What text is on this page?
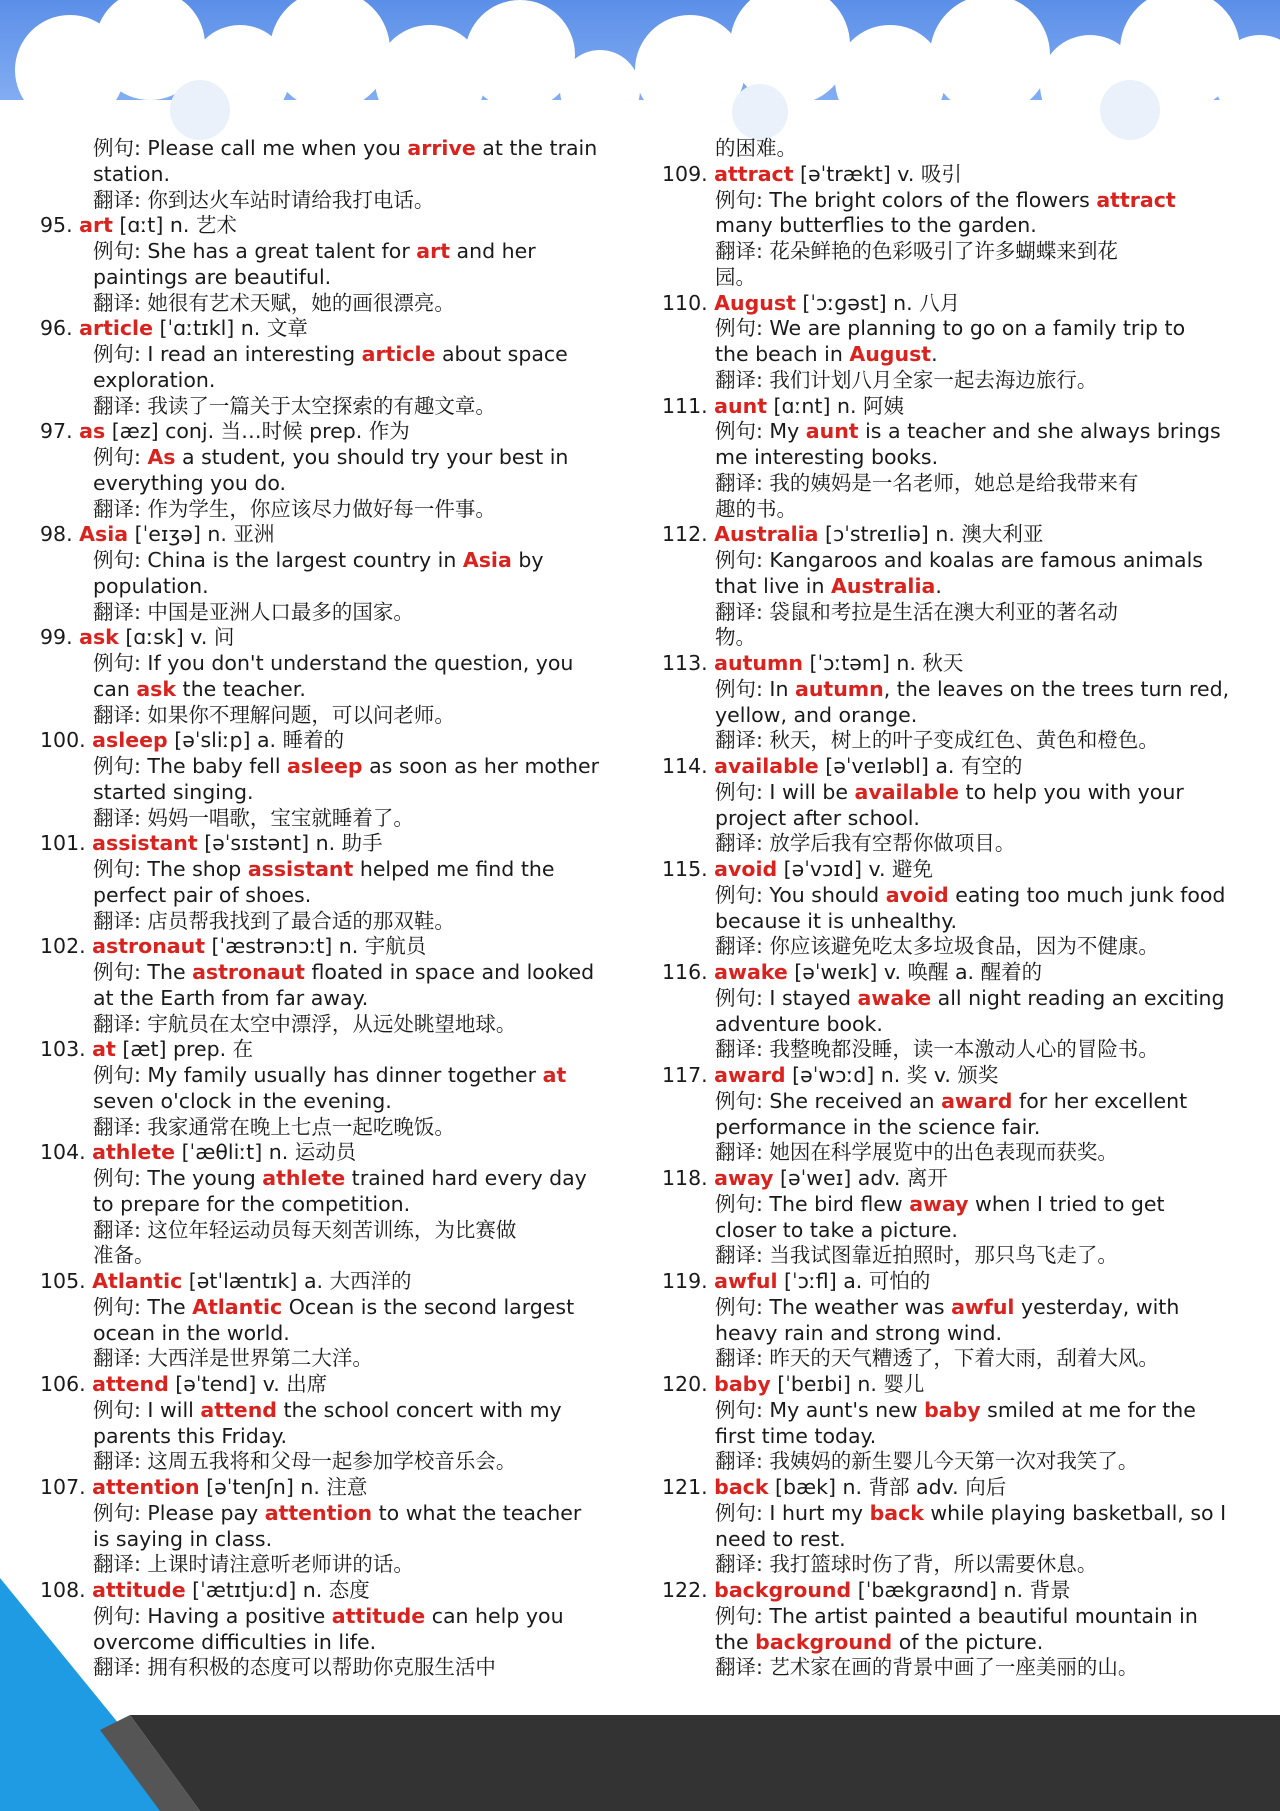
例句: Please call me when you arrive at the train
station.
翻译: 你到达火车站时请给我打电话。
95. art [ɑːt] n. 艺术
例句: She has a great talent for art and her
paintings are beautiful.
翻译: 她很有艺术天赋，她的画很漂亮。
96. article [ˈɑːtɪkl] n. 文章
例句: I read an interesting article about space
exploration.
翻译: 我读了一篇关于太空探索的有趣文章。
97. as [æz] conj. 当…时候 prep. 作为
例句: As a student, you should try your best in
everything you do.
翻译: 作为学生，你应该尽力做好每一件事。
98. Asia [ˈeɪʒə] n. 亚洲
例句: China is the largest country in Asia by
population.
翻译: 中国是亚洲人口最多的国家。
99. ask [ɑːsk] v. 问
例句: If you don't understand the question, you
can ask the teacher.
翻译: 如果你不理解问题，可以问老师。
100. asleep [əˈsliːp] a. 睡着的
例句: The baby fell asleep as soon as her mother
started singing.
翻译: 妈妈一唱歌，宝宝就睡着了。
101. assistant [əˈsɪstənt] n. 助手
例句: The shop assistant helped me find the
perfect pair of shoes.
翻译: 店员帮我找到了最合适的那双鞋。
102. astronaut [ˈæstrənɔːt] n. 宇航员
例句: The astronaut floated in space and looked
at the Earth from far away.
翻译: 宇航员在太空中漂浮，从远处眺望地球。
103. at [æt] prep. 在
例句: My family usually has dinner together at
seven o'clock in the evening.
翻译: 我家通常在晚上七点一起吃晚饭。
104. athlete [ˈæθliːt] n. 运动员
例句: The young athlete trained hard every day
to prepare for the competition.
翻译: 这位年轻运动员每天刻苦训练，为比赛做
准备。
105. Atlantic [ətˈlæntɪk] a. 大西洋的
例句: The Atlantic Ocean is the second largest
ocean in the world.
翻译: 大西洋是世界第二大洋。
106. attend [əˈtend] v. 出席
例句: I will attend the school concert with my
parents this Friday.
翻译: 这周五我将和父母一起参加学校音乐会。
107. attention [əˈtenʃn] n. 注意
例句: Please pay attention to what the teacher
is saying in class.
翻译: 上课时请注意听老师讲的话。
108. attitude [ˈætɪtjuːd] n. 态度
例句: Having a positive attitude can help you
overcome difficulties in life.
翻译: 拥有积极的态度可以帮助你克服生活中
的困难。
109. attract [əˈtrækt] v. 吸引
例句: The bright colors of the flowers attract
many butterflies to the garden.
翻译: 花朵鲜艳的色彩吸引了许多蝴蝶来到花
园。
110. August [ˈɔːgəst] n. 八月
例句: We are planning to go on a family trip to
the beach in August.
翻译: 我们计划八月全家一起去海边旅行。
111. aunt [ɑːnt] n. 阿姨
例句: My aunt is a teacher and she always brings
me interesting books.
翻译: 我的姨妈是一名老师，她总是给我带来有
趣的书。
112. Australia [ɔˈstreɪliə] n. 澳大利亚
例句: Kangaroos and koalas are famous animals
that live in Australia.
翻译: 袋鼠和考拉是生活在澳大利亚的著名动
物。
113. autumn [ˈɔːtəm] n. 秋天
例句: In autumn, the leaves on the trees turn red,
yellow, and orange.
翻译: 秋天，树上的叶子变成红色、黄色和橙色。
114. available [əˈveɪləbl] a. 有空的
例句: I will be available to help you with your
project after school.
翻译: 放学后我有空帮你做项目。
115. avoid [əˈvɔɪd] v. 避免
例句: You should avoid eating too much junk food
because it is unhealthy.
翻译: 你应该避免吃太多垃圾食品，因为不健康。
116. awake [əˈweɪk] v. 唤醒 a. 醒着的
例句: I stayed awake all night reading an exciting
adventure book.
翻译: 我整晚都没睡，读一本激动人心的冒险书。
117. award [əˈwɔːd] n. 奖 v. 颁奖
例句: She received an award for her excellent
performance in the science fair.
翻译: 她因在科学展览中的出色表现而获奖。
118. away [əˈweɪ] adv. 离开
例句: The bird flew away when I tried to get
closer to take a picture.
翻译: 当我试图靠近拍照时，那只鸟飞走了。
119. awful [ˈɔːfl] a. 可怕的
例句: The weather was awful yesterday, with
heavy rain and strong wind.
翻译: 昨天的天气糟透了，下着大雨，刮着大风。
120. baby [ˈbeɪbi] n. 婴儿
例句: My aunt's new baby smiled at me for the
first time today.
翻译: 我姨妈的新生婴儿今天第一次对我笑了。
121. back [bæk] n. 背部 adv. 向后
例句: I hurt my back while playing basketball, so I
need to rest.
翻译: 我打篮球时伤了背，所以需要休息。
122. background [ˈbækgraʊnd] n. 背景
例句: The artist painted a beautiful mountain in
the background of the picture.
翻译: 艺术家在画的背景中画了一座美丽的山。
